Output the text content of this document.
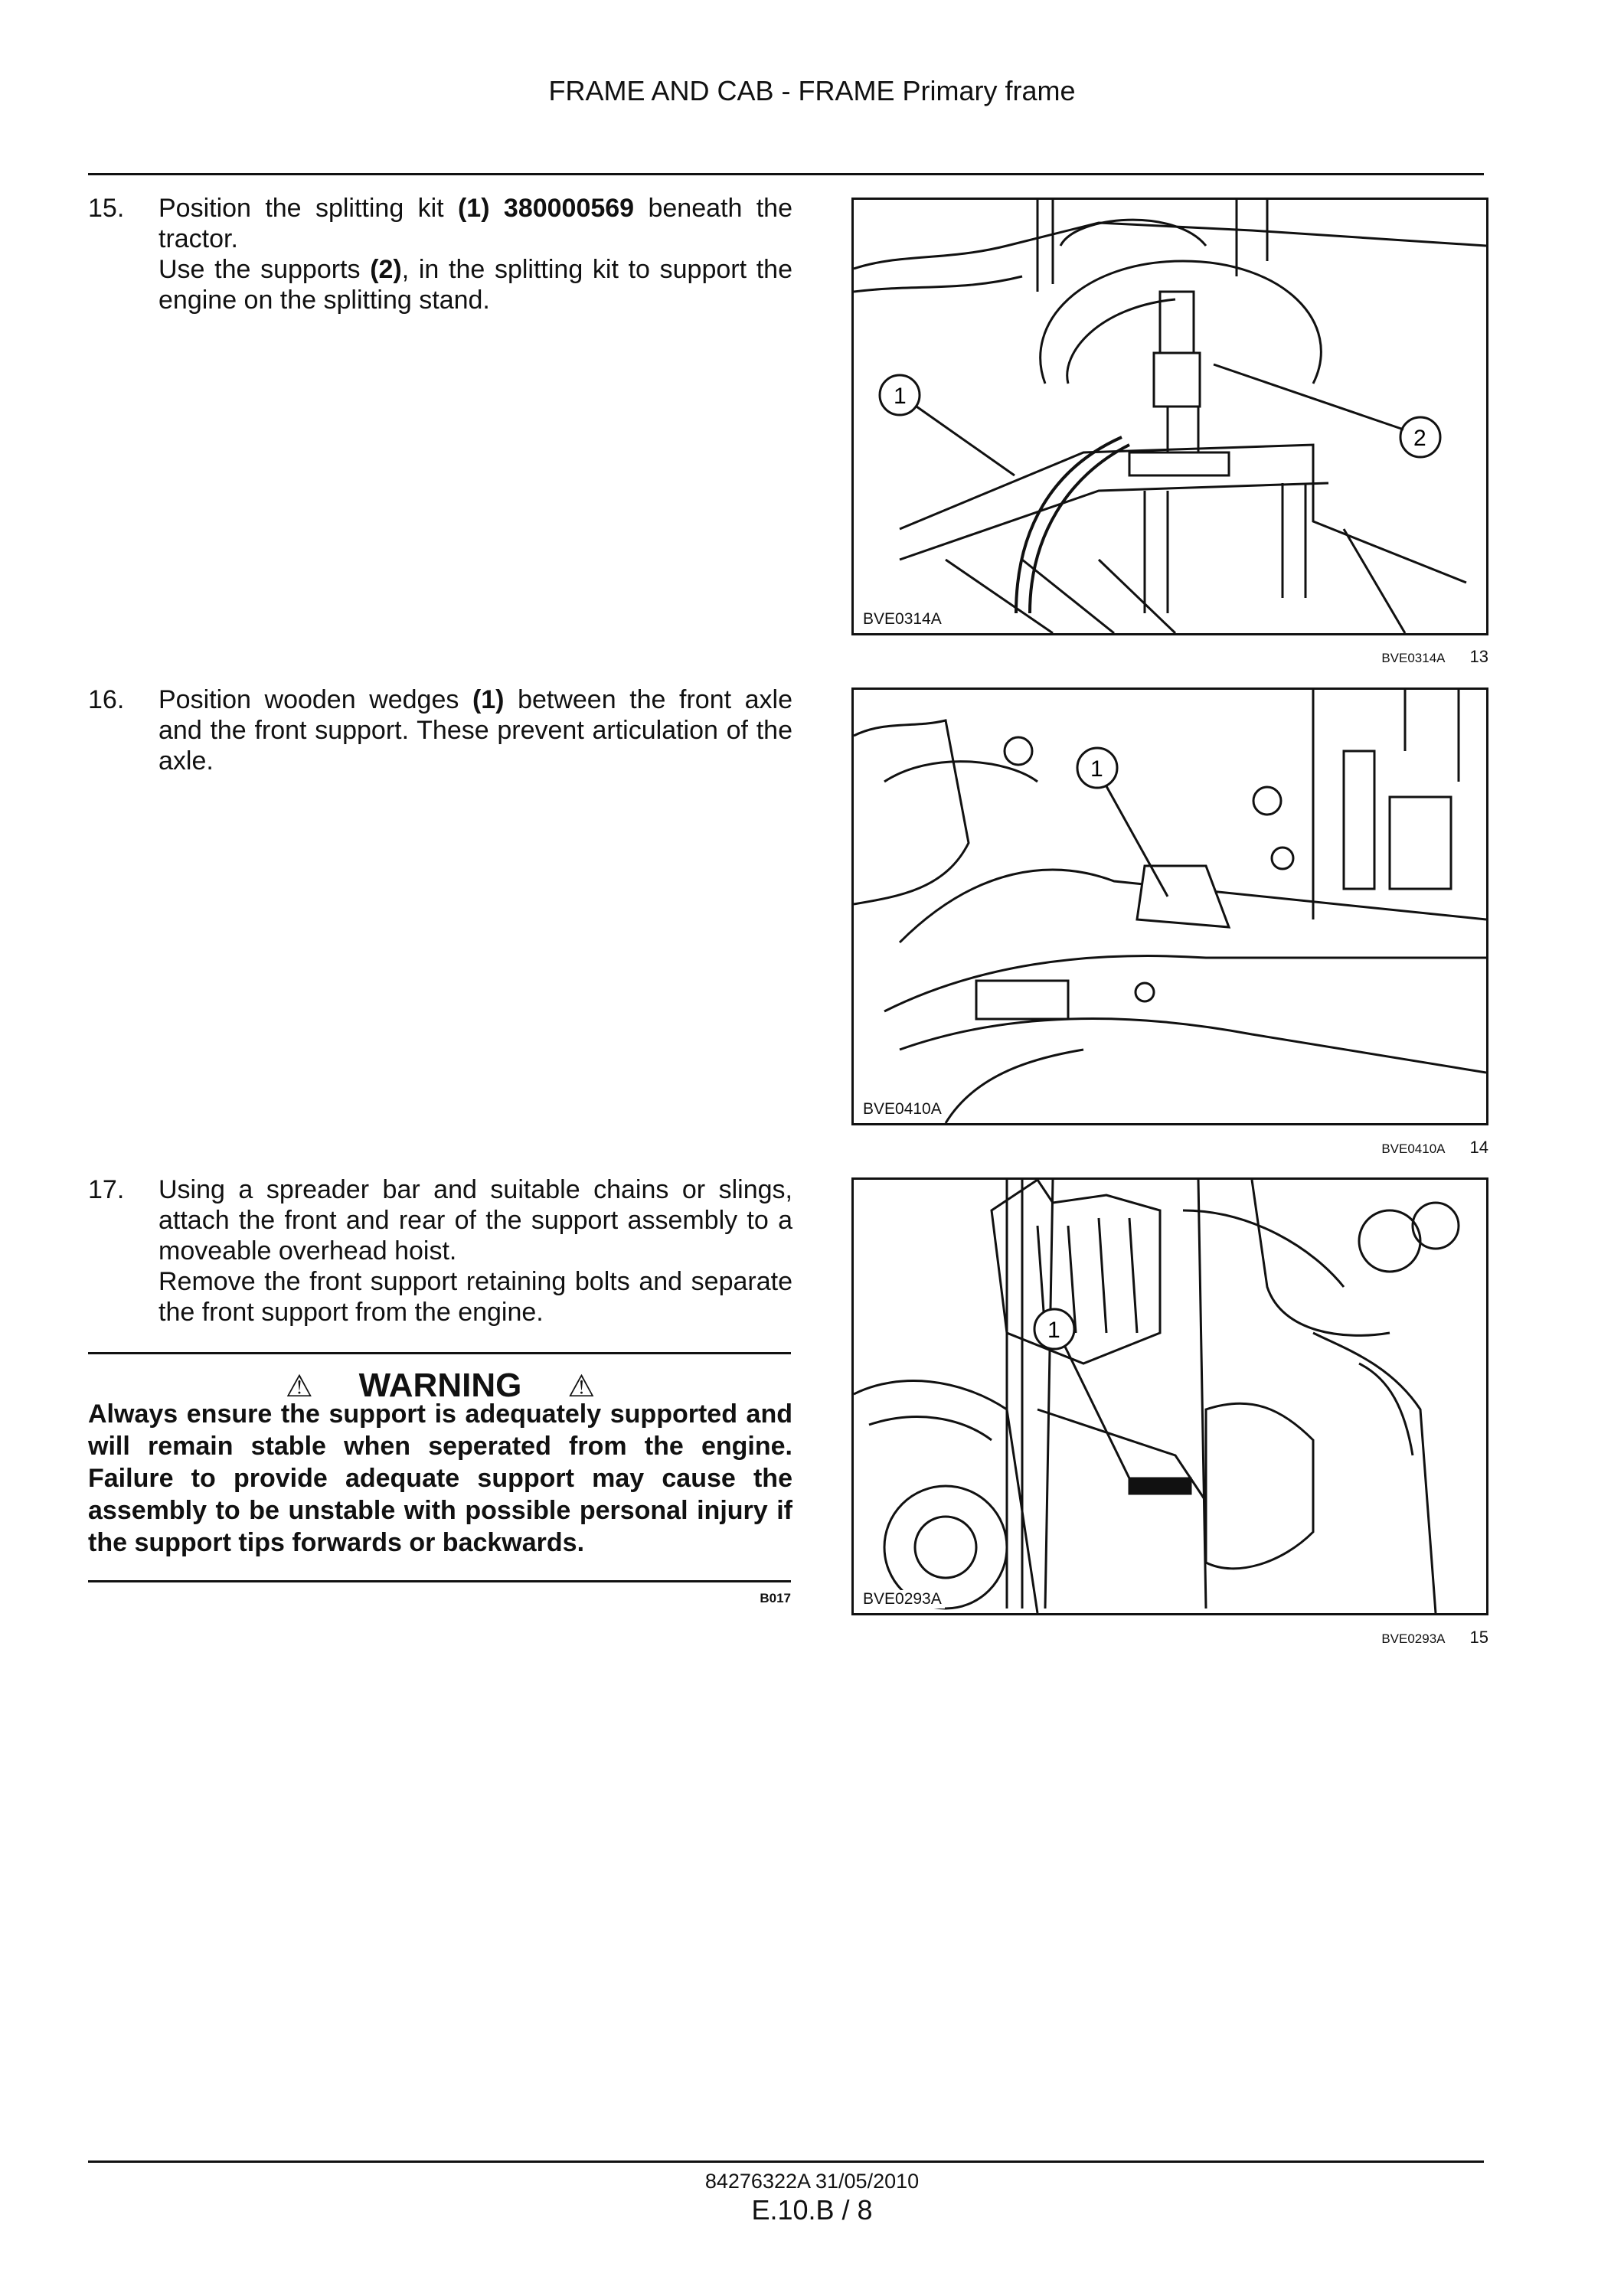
FRAME AND CAB - FRAME Primary frame
15. Position the splitting kit (1) 380000569 beneath the tractor.

Use the supports (2), in the splitting kit to support the engine on the splitting stand.

1
2
BVE0314A
BVE0314A 13
16. Position wooden wedges (1) between the front axle and the front support. These prevent articulation of the axle.	1
BVE0410A
BVE0410A 14
17. Using a spreader bar and suitable chains or slings, attach the front and rear of the support assembly to a moveable overhead hoist.

Remove the front support retaining bolts and separate the front support from the engine.

⚠ WARNING ⚠
Always ensure the support is adequately supported and will remain stable when seperated from the engine. Failure to provide adequate support may cause the assembly to be unstable with possible personal injury if the support tips forwards or backwards.
B017
1
BVE0293A
BVE0293A 15
84276322A 31/05/2010
E.10.B / 8
